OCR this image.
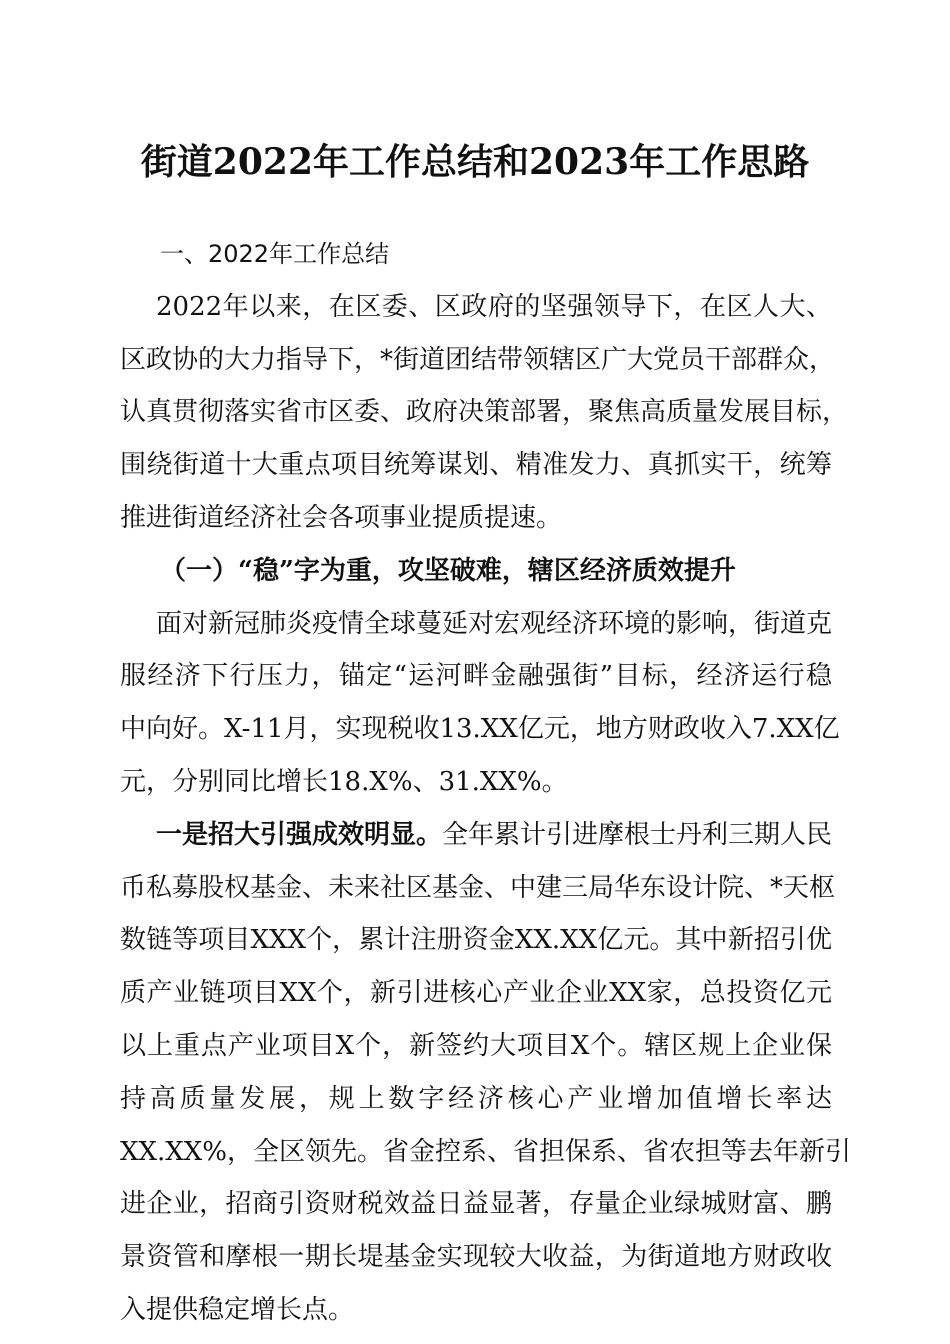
街道2022年工作总结和2023年工作思路
一、2022年工作总结
2022年以来，在区委、区政府的坚强领导下，在区人大、
区政协的大力指导下，*街道团结带领辖区广大党员干部群众，
认真贯彻落实省市区委、政府决策部署，聚焦高质量发展目标，
围绕街道十大重点项目统筹谋划、精准发力、真抓实干，统筹
推进街道经济社会各项事业提质提速。
（一）“稳”字为重，攻坚破难，辖区经济质效提升
面对新冠肺炎疫情全球蔓延对宏观经济环境的影响，街道克
服经济下行压力，锚定“运河畔金融强街”目标，经济运行稳
中向好。X-11月，实现税收13.XX亿元，地方财政收入7.XX亿
元，分别同比增长18.X%、31.XX%。
一是招大引强成效明显。全年累计引进摩根士丹利三期人民
币私募股权基金、未来社区基金、中建三局华东设计院、*天枢
数链等项目XXX个，累计注册资金XX.XX亿元。其中新招引优
质产业链项目XX个，新引进核心产业企业XX家，总投资亿元
以上重点产业项目X个，新签约大项目X个。辖区规上企业保
持高质量发展，规上数字经济核心产业增加值增长率达
XX.XX%，全区领先。省金控系、省担保系、省农担等去年新引
进企业，招商引资财税效益日益显著，存量企业绿城财富、鹏
景资管和摩根一期长堤基金实现较大收益，为街道地方财政收
入提供稳定增长点。
